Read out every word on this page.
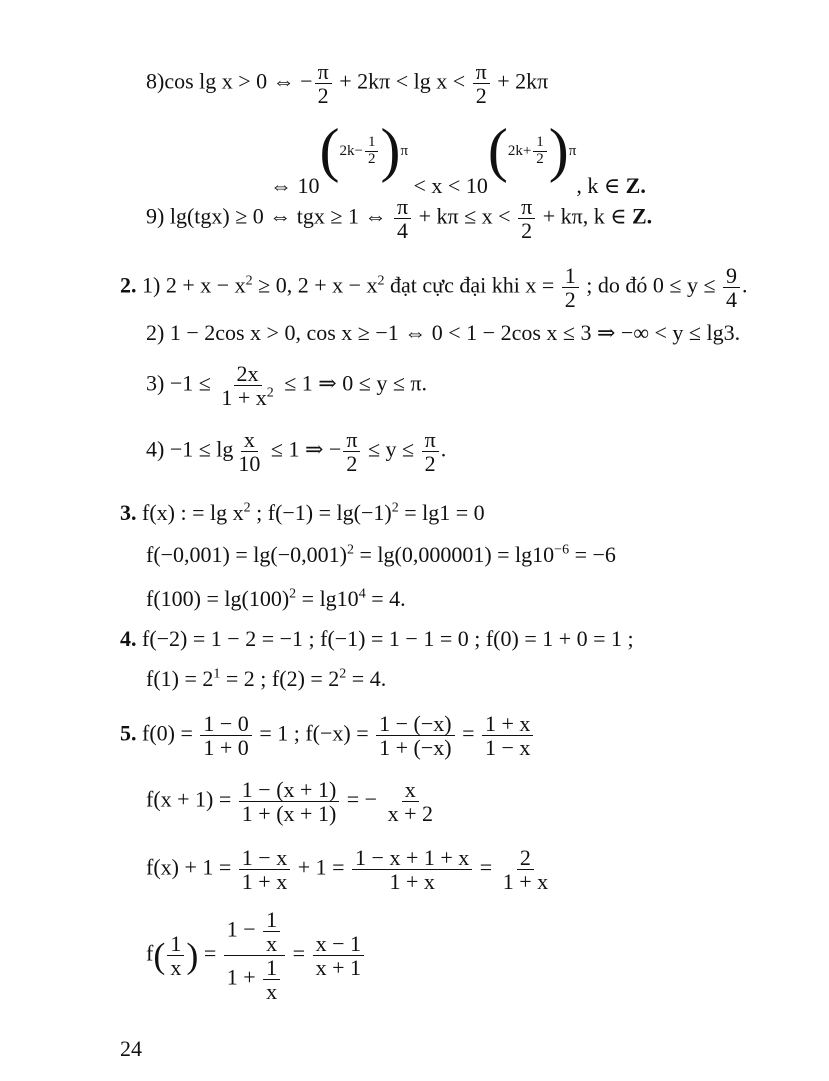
8)cos lg x > 0 ⇔ − $\frac{\pi}{2} + 2k\pi < \lg x < \frac{\pi}{2} + 2k\pi$
⇔ $10(2k- \frac{1}{2} )\pi < x < 10(2k+ \frac{1}{2} )\pi$, k ∈ Z.
9) lg(tgx) ≥ 0 ⇔ tgx ≥ 1 ⇔ $\frac{\pi}{4} + k\pi \le x < \frac{\pi}{2} + k\pi$, k ∈ Z.
2. 1) $2 + x - x^2 \ge 0$, $2 + x - x^2$ đạt cực đại khi $x = \frac{1}{2}$ ; do đó $0 \le y \le \frac{9}{4}$ .
2) 1 − 2cos x > 0, cos x ≥ −1 ⇔ 0 < 1 − 2cos x ≤ 3 ⇒ −∞ < y ≤ lg3.
$3) -1 \le \frac{2x}{1 + x^2} \le 1$ ⇒ 0 ≤ y ≤ π.
$4) -1 \le \lg \frac{x}{10} \le 1$ ⇒ − $\frac{\pi}{2} \le y \le \frac{\pi}{2}$ .
3. f(x) : = $\lg x^2$ ; $f(-1) = \lg(-1)^2 = \lg 1 = 0$
$f(-0,001) = \lg(-0,001)^2 = \lg(0,000001) = \lg 10^{-6} = -6$
$f(100) = \lg(100)^2 = \lg 10^4 = 4$.
4. f(−2) = 1 − 2 = −1 ; f(−1) = 1 − 1 = 0 ; f(0) = 1 + 0 = 1 ;
$f(1) = 2^1 = 2$ ; $f(2) = 2^2 = 4$.
5. $f(0) = \frac{1 - 0}{1 + 0} = 1$ ; $f(-x) = \frac{1 - (-x)}{1 + (-x)} = \frac{1 + x}{1 - x}$
$f(x + 1) = \frac{1 - (x + 1)}{1 + (x + 1)}$ = − $\frac{x}{x + 2}$
$f(x) + 1 = \frac{1 - x}{1 + x} + 1 = \frac{1 - x + 1 + x}{1 + x} = \frac{2}{1 + x}$
$f( \frac{1}{x}$ ) = $\frac{1 - \frac{1}{x}}{1 + \frac{1}{x}} = \frac{x - 1}{x + 1}$
24
